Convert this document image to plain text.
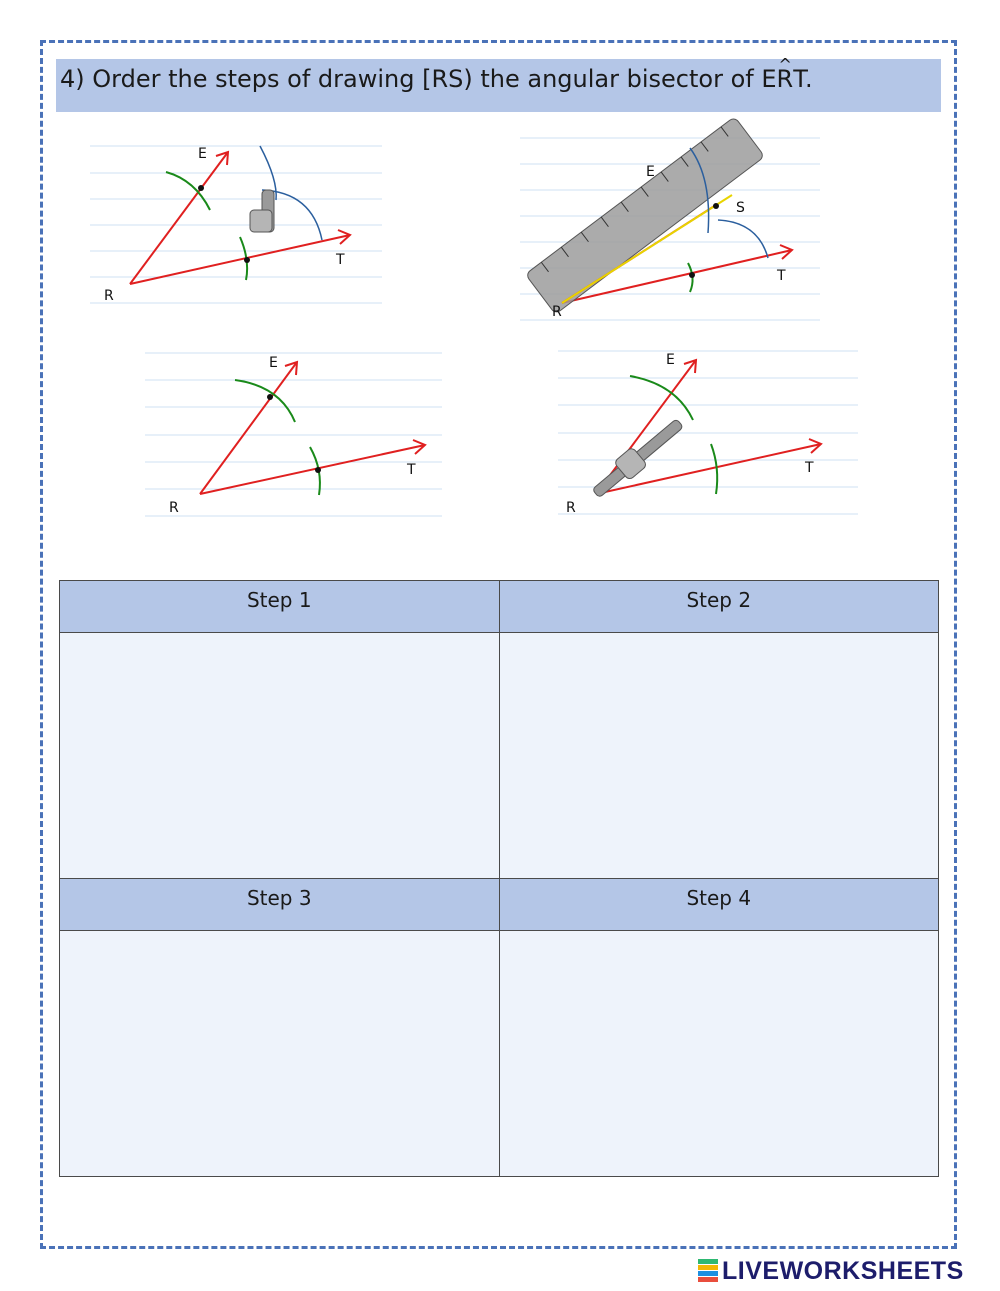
4) Order the steps of drawing [RS) the angular bisector of E^ RT.
E
R
T
E
S
R
T
E
R
T
E
R
T
Step 1	Step 2

Step 3	Step 4

LIVEWORKSHEETS
